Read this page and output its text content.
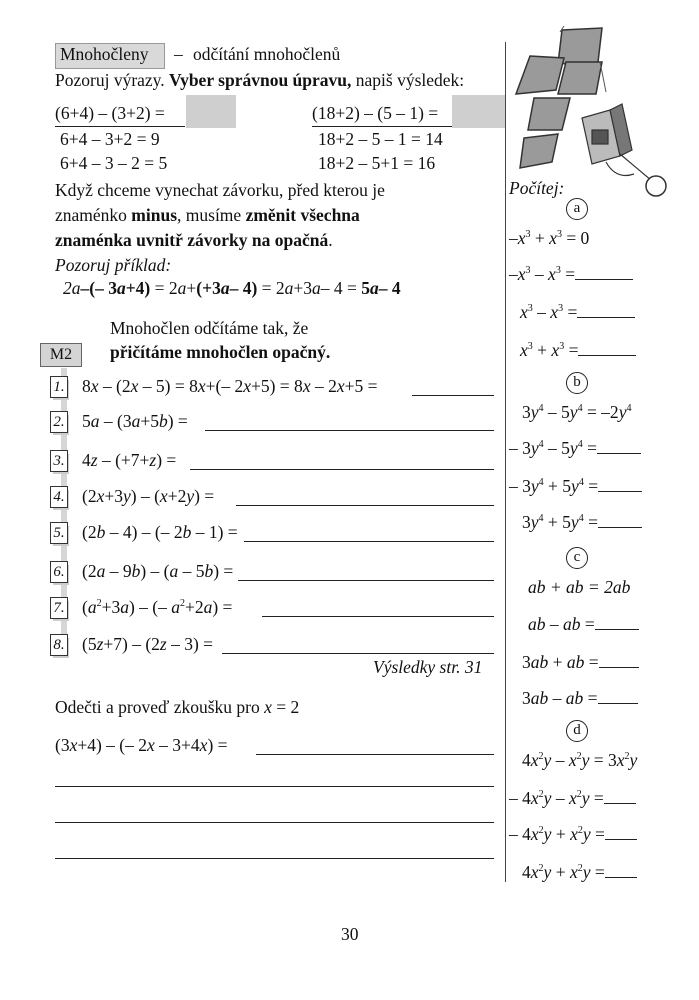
Mnohočleny – odčítání mnohočlenů
Pozoruj výrazy. Vyber správnou úpravu, napiš výsledek:
(6+4) – (3+2) =
6+4 – 3+2 = 9
6+4 – 3 – 2 = 5
(18+2) – (5 – 1) =
18+2 – 5 – 1 = 14
18+2 – 5+1 = 16
Když chceme vynechat závorku, před kterou je
znaménko minus, musíme změnit všechna
znaménka uvnitř závorky na opačná.
Pozoruj příklad:
2a–(– 3a+4) = 2a+(+3a– 4) = 2a+3a– 4 = 5a– 4
M2
Mnohočlen odčítáme tak, že
přičítáme mnohočlen opačný.
1. 8x – (2x – 5) = 8x+(– 2x+5) = 8x – 2x+5 =
2. 5a – (3a+5b) =
3. 4z – (+7+z) =
4. (2x+3y) – (x+2y) =
5. (2b – 4) – (– 2b – 1) =
6. (2a – 9b) – (a – 5b) =
7. $(a^2+3a)$ – (– $a^2+2a$) =
8. (5z+7) – (2z – 3) =
Výsledky str. 31
Odečti a proveď zkoušku pro x = 2
(3x+4) – (– 2x – 3+4x) =
Počítej:
a
$-x^3 + x^3 = 0$
$-x^3 - x^3$ =
$x^3 - x^3$ =
$x^3 + x^3$ =
b
$3y^4 - 5y^4 = -2y^4$
– $3y^4 - 5y^4$ =
– $3y^4 + 5y^4$ =
$3y^4 + 5y^4$ =
c
ab + ab = 2ab
ab – ab =
3ab + ab =
3ab – ab =
d
$4x^2y - x^2y = 3x^2y$
– $4x^2y - x^2y$ =
– $4x^2y + x^2y$ =
$4x^2y + x^2y$ =
30
